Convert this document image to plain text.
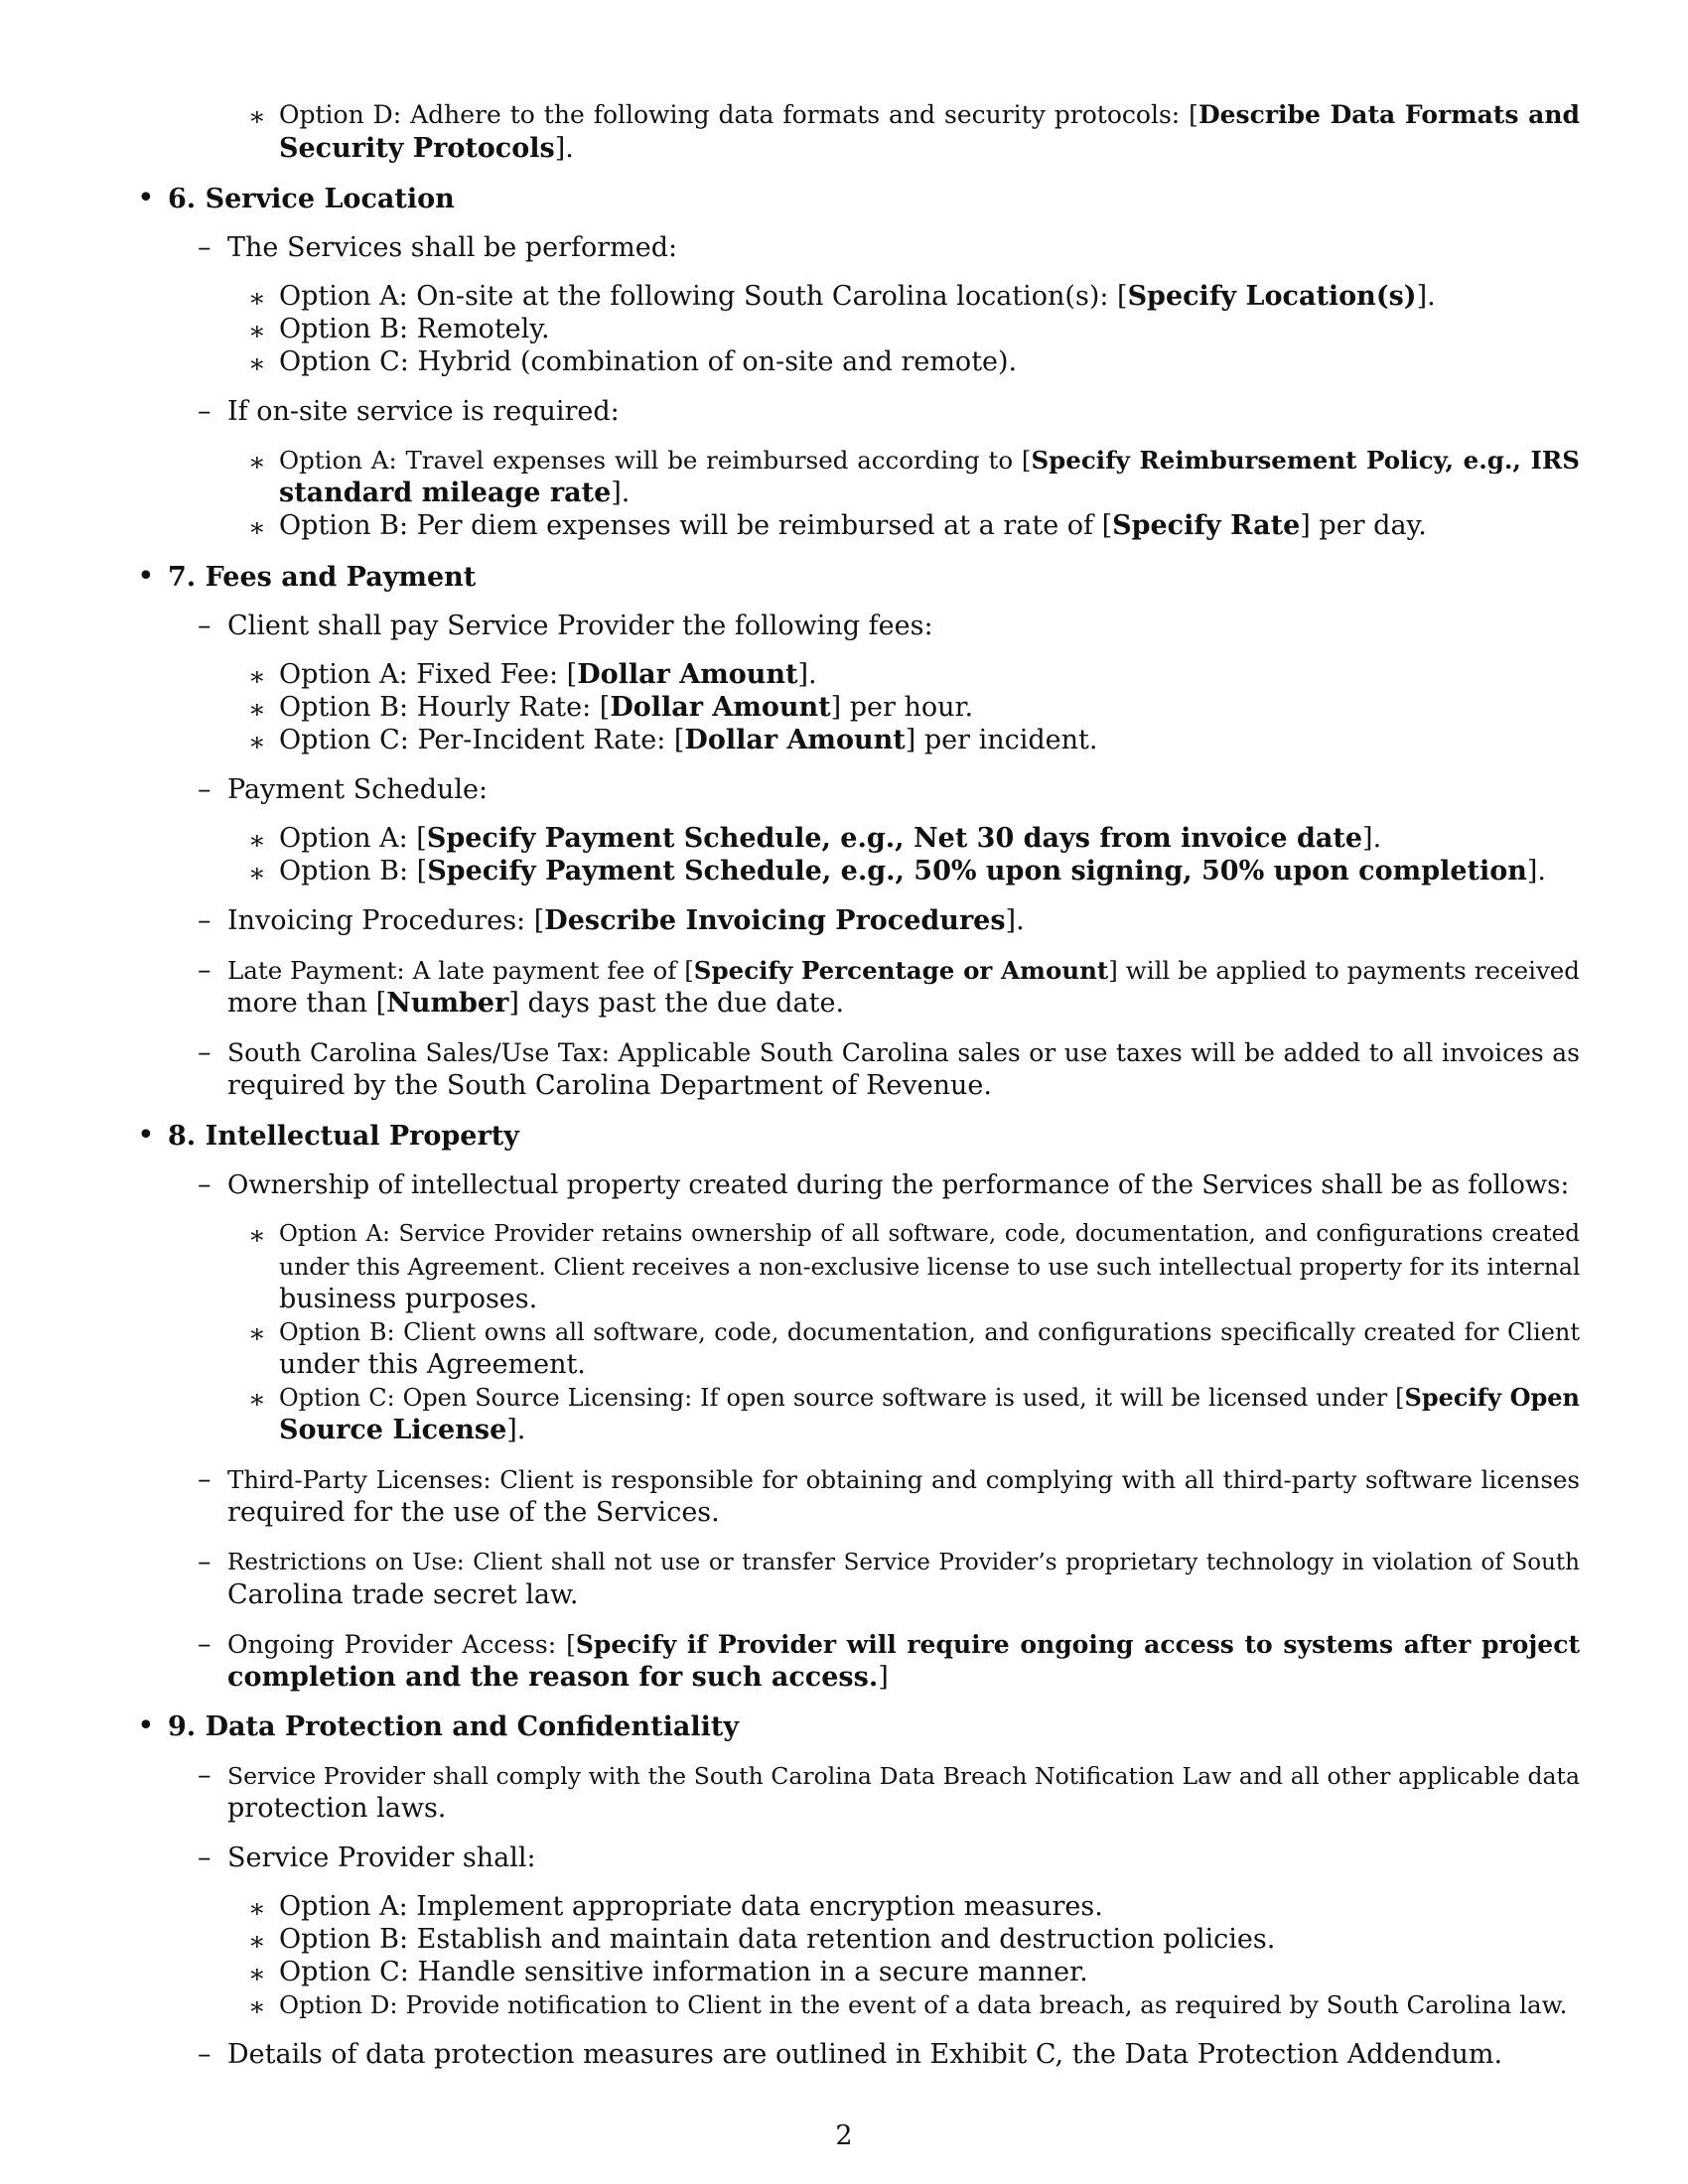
∗ Option D: Adhere to the following data formats and security protocols: [Describe Data Formats and
Security Protocols].
• 6. Service Location
– The Services shall be performed:
∗ Option A: On-site at the following South Carolina location(s): [Specify Location(s)].
∗ Option B: Remotely.
∗ Option C: Hybrid (combination of on-site and remote).
– If on-site service is required:
∗ Option A: Travel expenses will be reimbursed according to [Specify Reimbursement Policy, e.g., IRS
standard mileage rate].
∗ Option B: Per diem expenses will be reimbursed at a rate of [Specify Rate] per day.
• 7. Fees and Payment
– Client shall pay Service Provider the following fees:
∗ Option A: Fixed Fee: [Dollar Amount].
∗ Option B: Hourly Rate: [Dollar Amount] per hour.
∗ Option C: Per-Incident Rate: [Dollar Amount] per incident.
– Payment Schedule:
∗ Option A: [Specify Payment Schedule, e.g., Net 30 days from invoice date].
∗ Option B: [Specify Payment Schedule, e.g., 50% upon signing, 50% upon completion].
– Invoicing Procedures: [Describe Invoicing Procedures].
– Late Payment: A late payment fee of [Specify Percentage or Amount] will be applied to payments received
more than [Number] days past the due date.
– South Carolina Sales/Use Tax: Applicable South Carolina sales or use taxes will be added to all invoices as
required by the South Carolina Department of Revenue.
• 8. Intellectual Property
– Ownership of intellectual property created during the performance of the Services shall be as follows:
∗ Option A: Service Provider retains ownership of all software, code, documentation, and configurations created
under this Agreement. Client receives a non-exclusive license to use such intellectual property for its internal
business purposes.
∗ Option B: Client owns all software, code, documentation, and configurations specifically created for Client
under this Agreement.
∗ Option C: Open Source Licensing: If open source software is used, it will be licensed under [Specify Open
Source License].
– Third-Party Licenses: Client is responsible for obtaining and complying with all third-party software licenses
required for the use of the Services.
– Restrictions on Use: Client shall not use or transfer Service Provider’s proprietary technology in violation of South
Carolina trade secret law.
– Ongoing Provider Access: [Specify if Provider will require ongoing access to systems after project
completion and the reason for such access.]
• 9. Data Protection and Confidentiality
– Service Provider shall comply with the South Carolina Data Breach Notification Law and all other applicable data
protection laws.
– Service Provider shall:
∗ Option A: Implement appropriate data encryption measures.
∗ Option B: Establish and maintain data retention and destruction policies.
∗ Option C: Handle sensitive information in a secure manner.
∗ Option D: Provide notification to Client in the event of a data breach, as required by South Carolina law.
– Details of data protection measures are outlined in Exhibit C, the Data Protection Addendum.
2
